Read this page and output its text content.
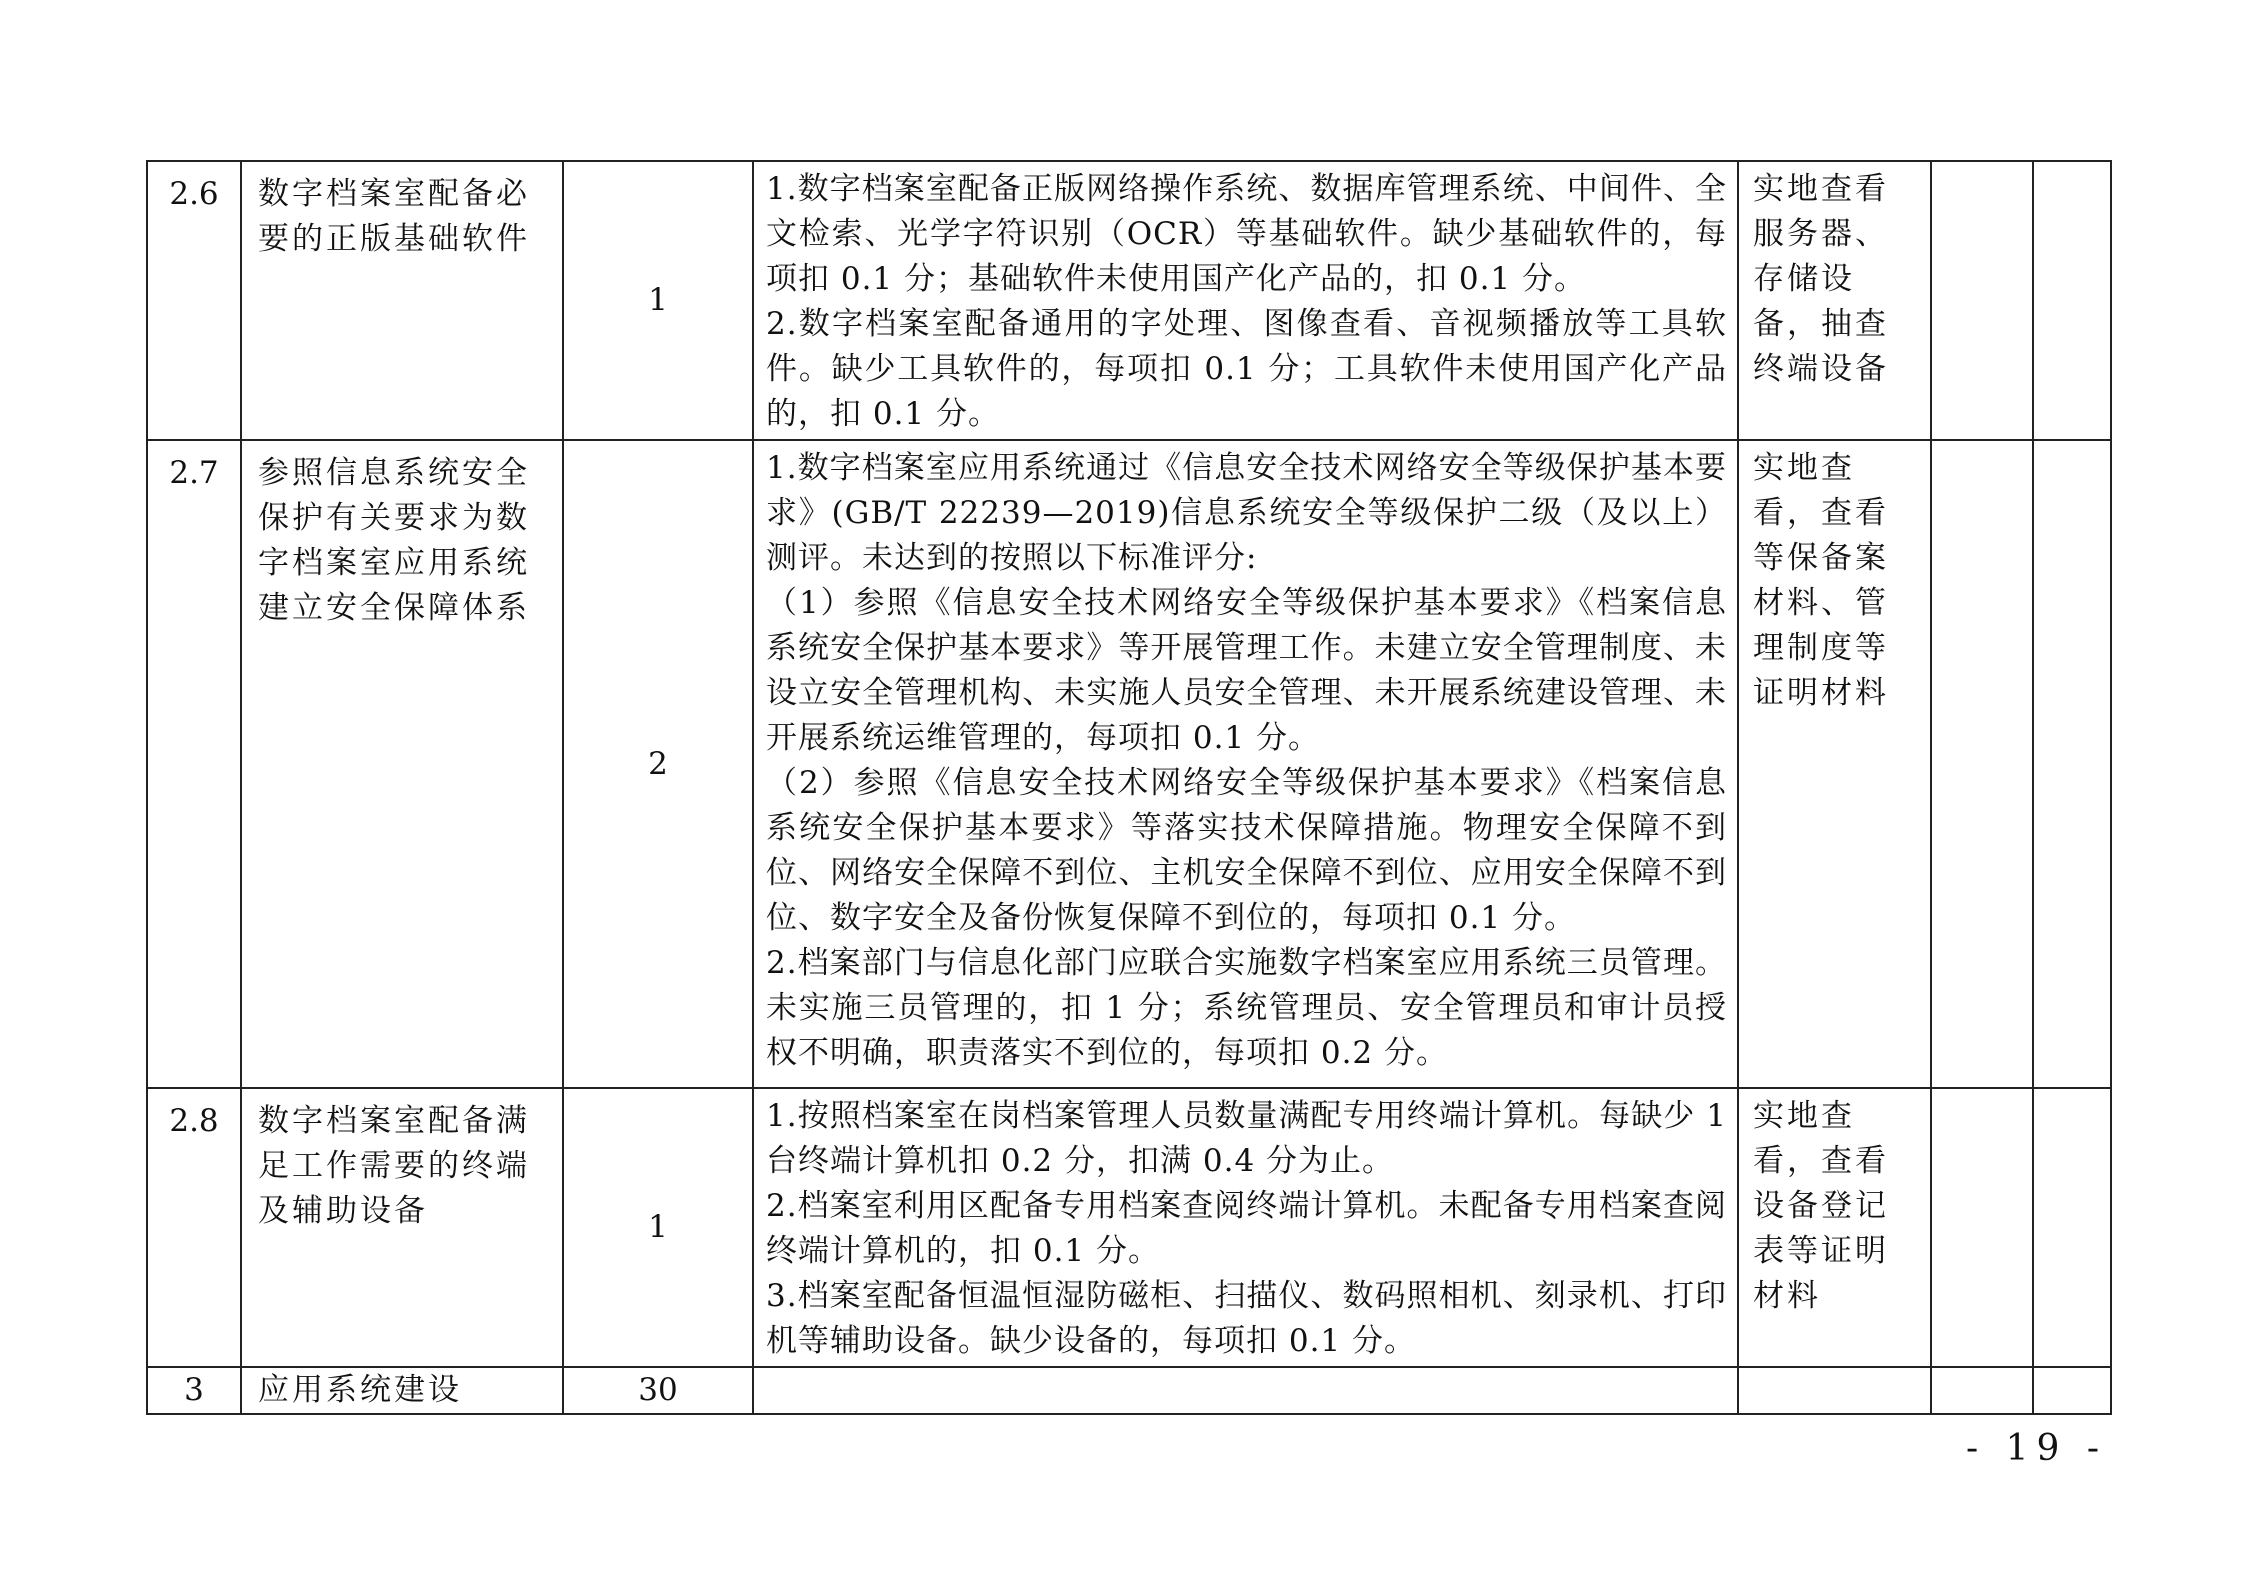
2.6	数字档案室配备必要的正版基础软件	1	1.数字档案室配备正版网络操作系统、数据库管理系统、中间件、全文检索、光学字符识别（OCR）等基础软件。缺少基础软件的，每项扣 0.1 分；基础软件未使用国产化产品的，扣 0.1 分。
2.数字档案室配备通用的字处理、图像查看、音视频播放等工具软件。缺少工具软件的，每项扣 0.1 分；工具软件未使用国产化产品的，扣 0.1 分。	实地查看服务器、存储设备，抽查终端设备		
2.7	参照信息系统安全保护有关要求为数字档案室应用系统建立安全保障体系	2	1.数字档案室应用系统通过《信息安全技术网络安全等级保护基本要求》(GB/T 22239—2019)信息系统安全等级保护二级（及以上）测评。未达到的按照以下标准评分:
（1）参照《信息安全技术网络安全等级保护基本要求》《档案信息系统安全保护基本要求》等开展管理工作。未建立安全管理制度、未设立安全管理机构、未实施人员安全管理、未开展系统建设管理、未开展系统运维管理的，每项扣 0.1 分。
（2）参照《信息安全技术网络安全等级保护基本要求》《档案信息系统安全保护基本要求》等落实技术保障措施。物理安全保障不到位、网络安全保障不到位、主机安全保障不到位、应用安全保障不到位、数字安全及备份恢复保障不到位的，每项扣 0.1 分。
2.档案部门与信息化部门应联合实施数字档案室应用系统三员管理。未实施三员管理的，扣 1 分；系统管理员、安全管理员和审计员授权不明确，职责落实不到位的，每项扣 0.2 分。	实地查看，查看等保备案材料、管理制度等证明材料		
2.8	数字档案室配备满足工作需要的终端及辅助设备	1	1.按照档案室在岗档案管理人员数量满配专用终端计算机。每缺少 1 台终端计算机扣 0.2 分，扣满 0.4 分为止。
2.档案室利用区配备专用档案查阅终端计算机。未配备专用档案查阅终端计算机的，扣 0.1 分。
3.档案室配备恒温恒湿防磁柜、扫描仪、数码照相机、刻录机、打印机等辅助设备。缺少设备的，每项扣 0.1 分。	实地查看，查看设备登记表等证明材料		
3	应用系统建设	30				
- 19 -
